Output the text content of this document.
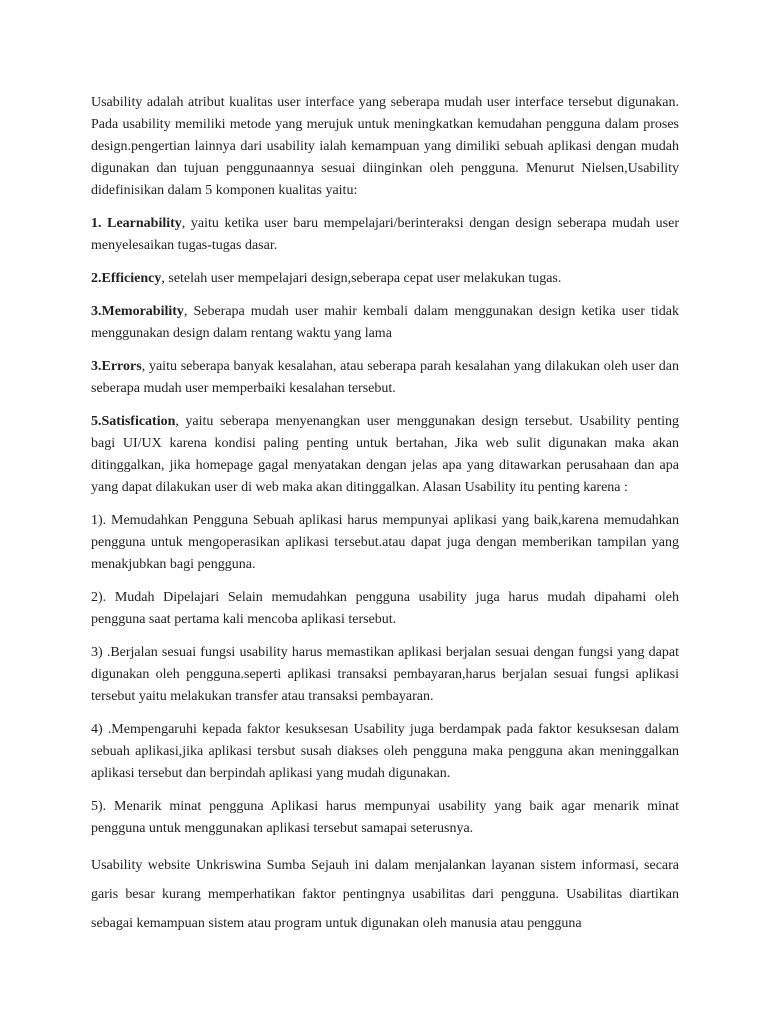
Usability adalah atribut kualitas user interface yang seberapa mudah user interface tersebut digunakan. Pada usability memiliki metode yang merujuk untuk meningkatkan kemudahan pengguna dalam proses design.pengertian lainnya dari usability ialah kemampuan yang dimiliki sebuah aplikasi dengan mudah digunakan dan tujuan penggunaannya sesuai diinginkan oleh pengguna. Menurut Nielsen,Usability didefinisikan dalam 5 komponen kualitas yaitu:

1. Learnability, yaitu ketika user baru mempelajari/berinteraksi dengan design seberapa mudah user menyelesaikan tugas-tugas dasar.

2.Efficiency, setelah user mempelajari design,seberapa cepat user melakukan tugas.

3.Memorability, Seberapa mudah user mahir kembali dalam menggunakan design ketika user tidak menggunakan design dalam rentang waktu yang lama

3.Errors, yaitu seberapa banyak kesalahan, atau seberapa parah kesalahan yang dilakukan oleh user dan seberapa mudah user memperbaiki kesalahan tersebut.

5.Satisfication, yaitu seberapa menyenangkan user menggunakan design tersebut. Usability penting bagi UI/UX karena kondisi paling penting untuk bertahan, Jika web sulit digunakan maka akan ditinggalkan, jika homepage gagal menyatakan dengan jelas apa yang ditawarkan perusahaan dan apa yang dapat dilakukan user di web maka akan ditinggalkan. Alasan Usability itu penting karena :

1). Memudahkan Pengguna Sebuah aplikasi harus mempunyai aplikasi yang baik,karena memudahkan pengguna untuk mengoperasikan aplikasi tersebut.atau dapat juga dengan memberikan tampilan yang menakjubkan bagi pengguna.

2). Mudah Dipelajari Selain memudahkan pengguna usability juga harus mudah dipahami oleh pengguna saat pertama kali mencoba aplikasi tersebut.

3) .Berjalan sesuai fungsi usability harus memastikan aplikasi berjalan sesuai dengan fungsi yang dapat digunakan oleh pengguna.seperti aplikasi transaksi pembayaran,harus berjalan sesuai fungsi aplikasi tersebut yaitu melakukan transfer atau transaksi pembayaran.

4) .Mempengaruhi kepada faktor kesuksesan Usability juga berdampak pada faktor kesuksesan dalam sebuah aplikasi,jika aplikasi tersbut susah diakses oleh pengguna maka pengguna akan meninggalkan aplikasi tersebut dan berpindah aplikasi yang mudah digunakan.

5). Menarik minat pengguna Aplikasi harus mempunyai usability yang baik agar menarik minat pengguna untuk menggunakan aplikasi tersebut samapai seterusnya.

Usability website Unkriswina Sumba Sejauh ini dalam menjalankan layanan sistem informasi, secara garis besar kurang memperhatikan faktor pentingnya usabilitas dari pengguna. Usabilitas diartikan sebagai kemampuan sistem atau program untuk digunakan oleh manusia atau pengguna
